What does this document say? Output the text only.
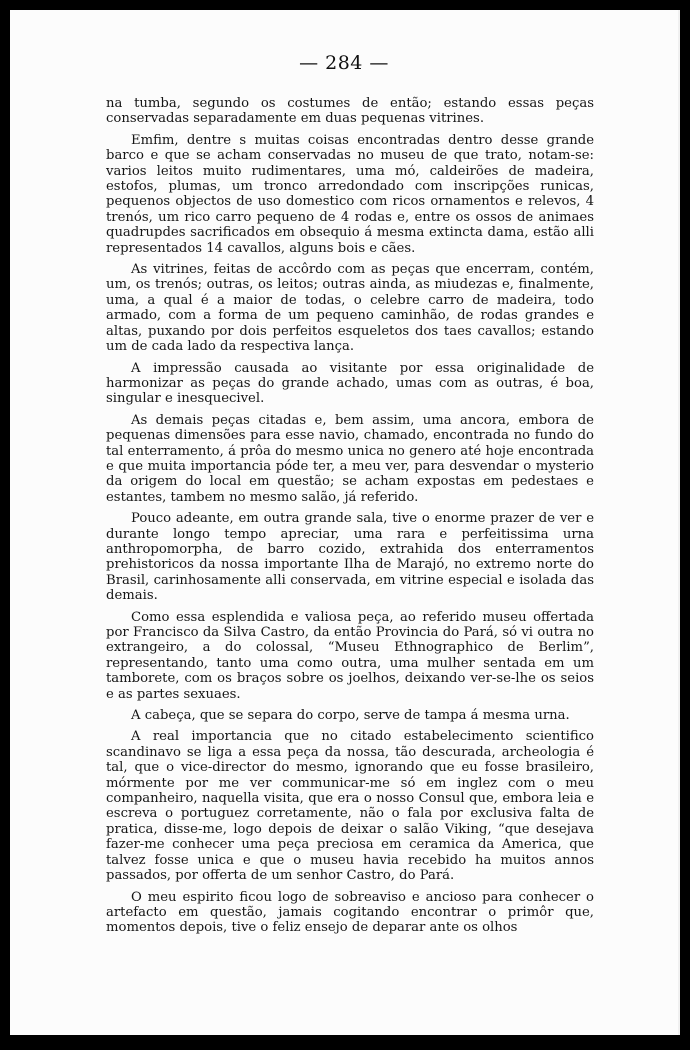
— 284 —

na tumba, segundo os costumes de então; estando essas peças conservadas separadamente em duas pequenas vitrines.

Emfim, dentre s muitas coisas encontradas dentro desse grande barco e que se acham conservadas no museu de que trato, notam-se: varios leitos muito rudimentares, uma mó, caldeirões de madeira, estofos, plumas, um tronco arredondado com inscripções runicas, pequenos objectos de uso domestico com ricos ornamentos e relevos, 4 trenós, um rico carro pequeno de 4 rodas e, entre os ossos de animaes quadrupdes sacrificados em obsequio á mesma extincta dama, estão alli representados 14 cavallos, alguns bois e cães.

As vitrines, feitas de accôrdo com as peças que encerram, contém, um, os trenós; outras, os leitos; outras ainda, as miudezas e, finalmente, uma, a qual é a maior de todas, o celebre carro de madeira, todo armado, com a forma de um pequeno caminhão, de rodas grandes e altas, puxando por dois perfeitos esqueletos dos taes cavallos; estando um de cada lado da respectiva lança.

A impressão causada ao visitante por essa originalidade de harmonizar as peças do grande achado, umas com as outras, é boa, singular e inesquecivel.

As demais peças citadas e, bem assim, uma ancora, embora de pequenas dimensões para esse navio, chamado, encontrada no fundo do tal enterramento, á prôa do mesmo unica no genero até hoje encontrada e que muita importancia póde ter, a meu ver, para desvendar o mysterio da origem do local em questão; se acham expostas em pedestaes e estantes, tambem no mesmo salão, já referido.

Pouco adeante, em outra grande sala, tive o enorme prazer de ver e durante longo tempo apreciar, uma rara e perfeitissima urna anthropomorpha, de barro cozido, extrahida dos enterramentos prehistoricos da nossa importante Ilha de Marajó, no extremo norte do Brasil, carinhosamente alli conservada, em vitrine especial e isolada das demais.

Como essa esplendida e valiosa peça, ao referido museu offertada por Francisco da Silva Castro, da então Provincia do Pará, só vi outra no extrangeiro, a do colossal, “Museu Ethnographico de Berlim”, representando, tanto uma como outra, uma mulher sentada em um tamborete, com os braços sobre os joelhos, deixando ver-se-lhe os seios e as partes sexuaes.

A cabeça, que se separa do corpo, serve de tampa á mesma urna.

A real importancia que no citado estabelecimento scientifico scandinavo se liga a essa peça da nossa, tão descurada, archeologia é tal, que o vice-director do mesmo, ignorando que eu fosse brasileiro, mórmente por me ver communicar-me só em inglez com o meu companheiro, naquella visita, que era o nosso Consul que, embora leia e escreva o portuguez corretamente, não o fala por exclusiva falta de pratica, disse-me, logo depois de deixar o salão Viking, “que desejava fazer-me conhecer uma peça preciosa em ceramica da America, que talvez fosse unica e que o museu havia recebido ha muitos annos passados, por offerta de um senhor Castro, do Pará.

O meu espirito ficou logo de sobreaviso e ancioso para conhecer o artefacto em questão, jamais cogitando encontrar o primôr que, momentos depois, tive o feliz ensejo de deparar ante os olhos
